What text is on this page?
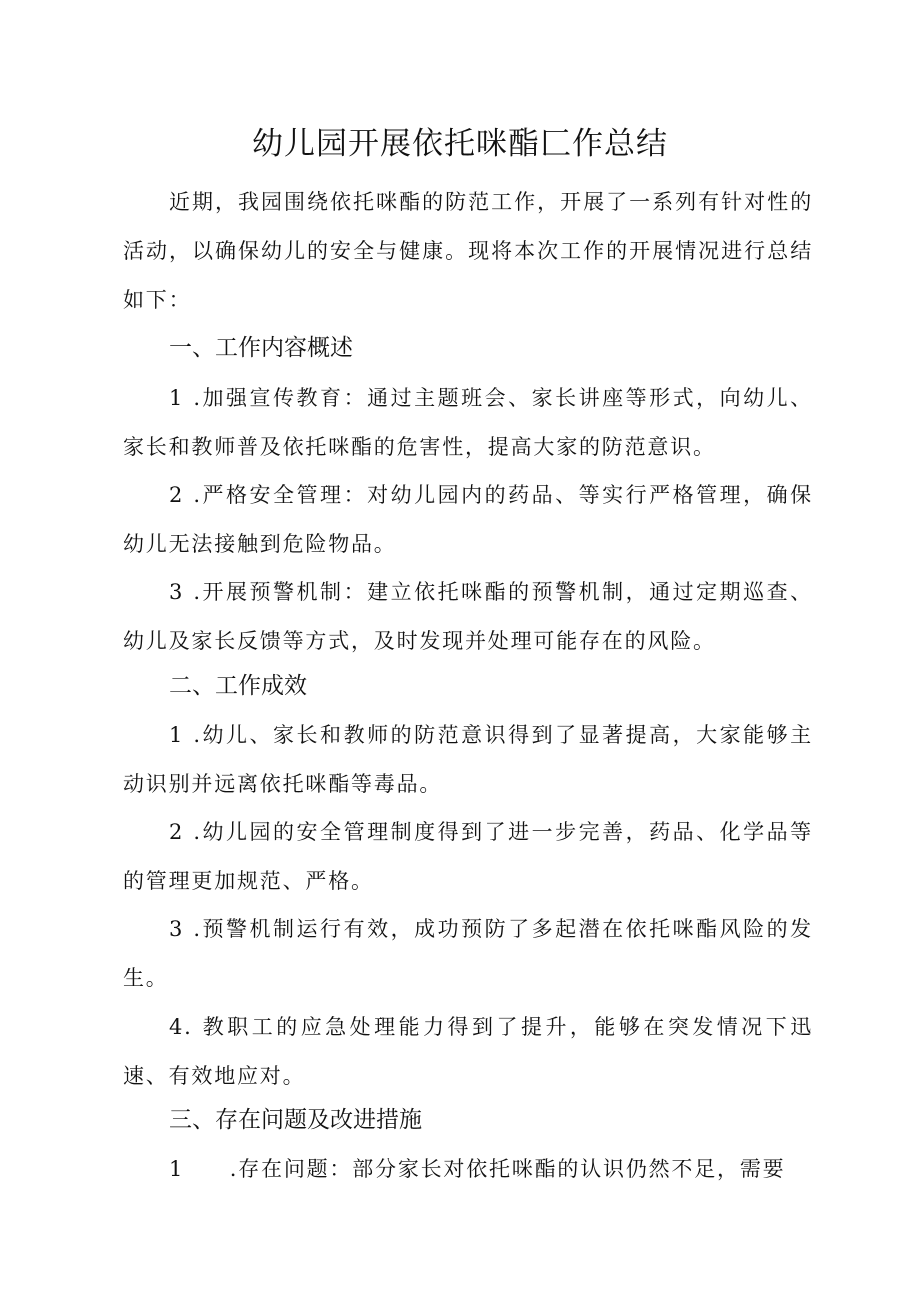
幼儿园开展依托咪酯匚作总结

近期，我园围绕依托咪酯的防范工作，开展了一系列有针对性的活动，以确保幼儿的安全与健康。现将本次工作的开展情况进行总结如下：

一、工作内容概述

1 .加强宣传教育：通过主题班会、家长讲座等形式，向幼儿、家长和教师普及依托咪酯的危害性，提高大家的防范意识。

2 .严格安全管理：对幼儿园内的药品、等实行严格管理，确保幼儿无法接触到危险物品。

3 .开展预警机制：建立依托咪酯的预警机制，通过定期巡查、幼儿及家长反馈等方式，及时发现并处理可能存在的风险。

二、工作成效

1 .幼儿、家长和教师的防范意识得到了显著提高，大家能够主动识别并远离依托咪酯等毒品。

2 .幼儿园的安全管理制度得到了进一步完善，药品、化学品等的管理更加规范、严格。

3 .预警机制运行有效，成功预防了多起潜在依托咪酯风险的发生。

4. 教职工的应急处理能力得到了提升，能够在突发情况下迅速、有效地应对。

三、存在问题及改进措施

1　　.存在问题：部分家长对依托咪酯的认识仍然不足，需要
